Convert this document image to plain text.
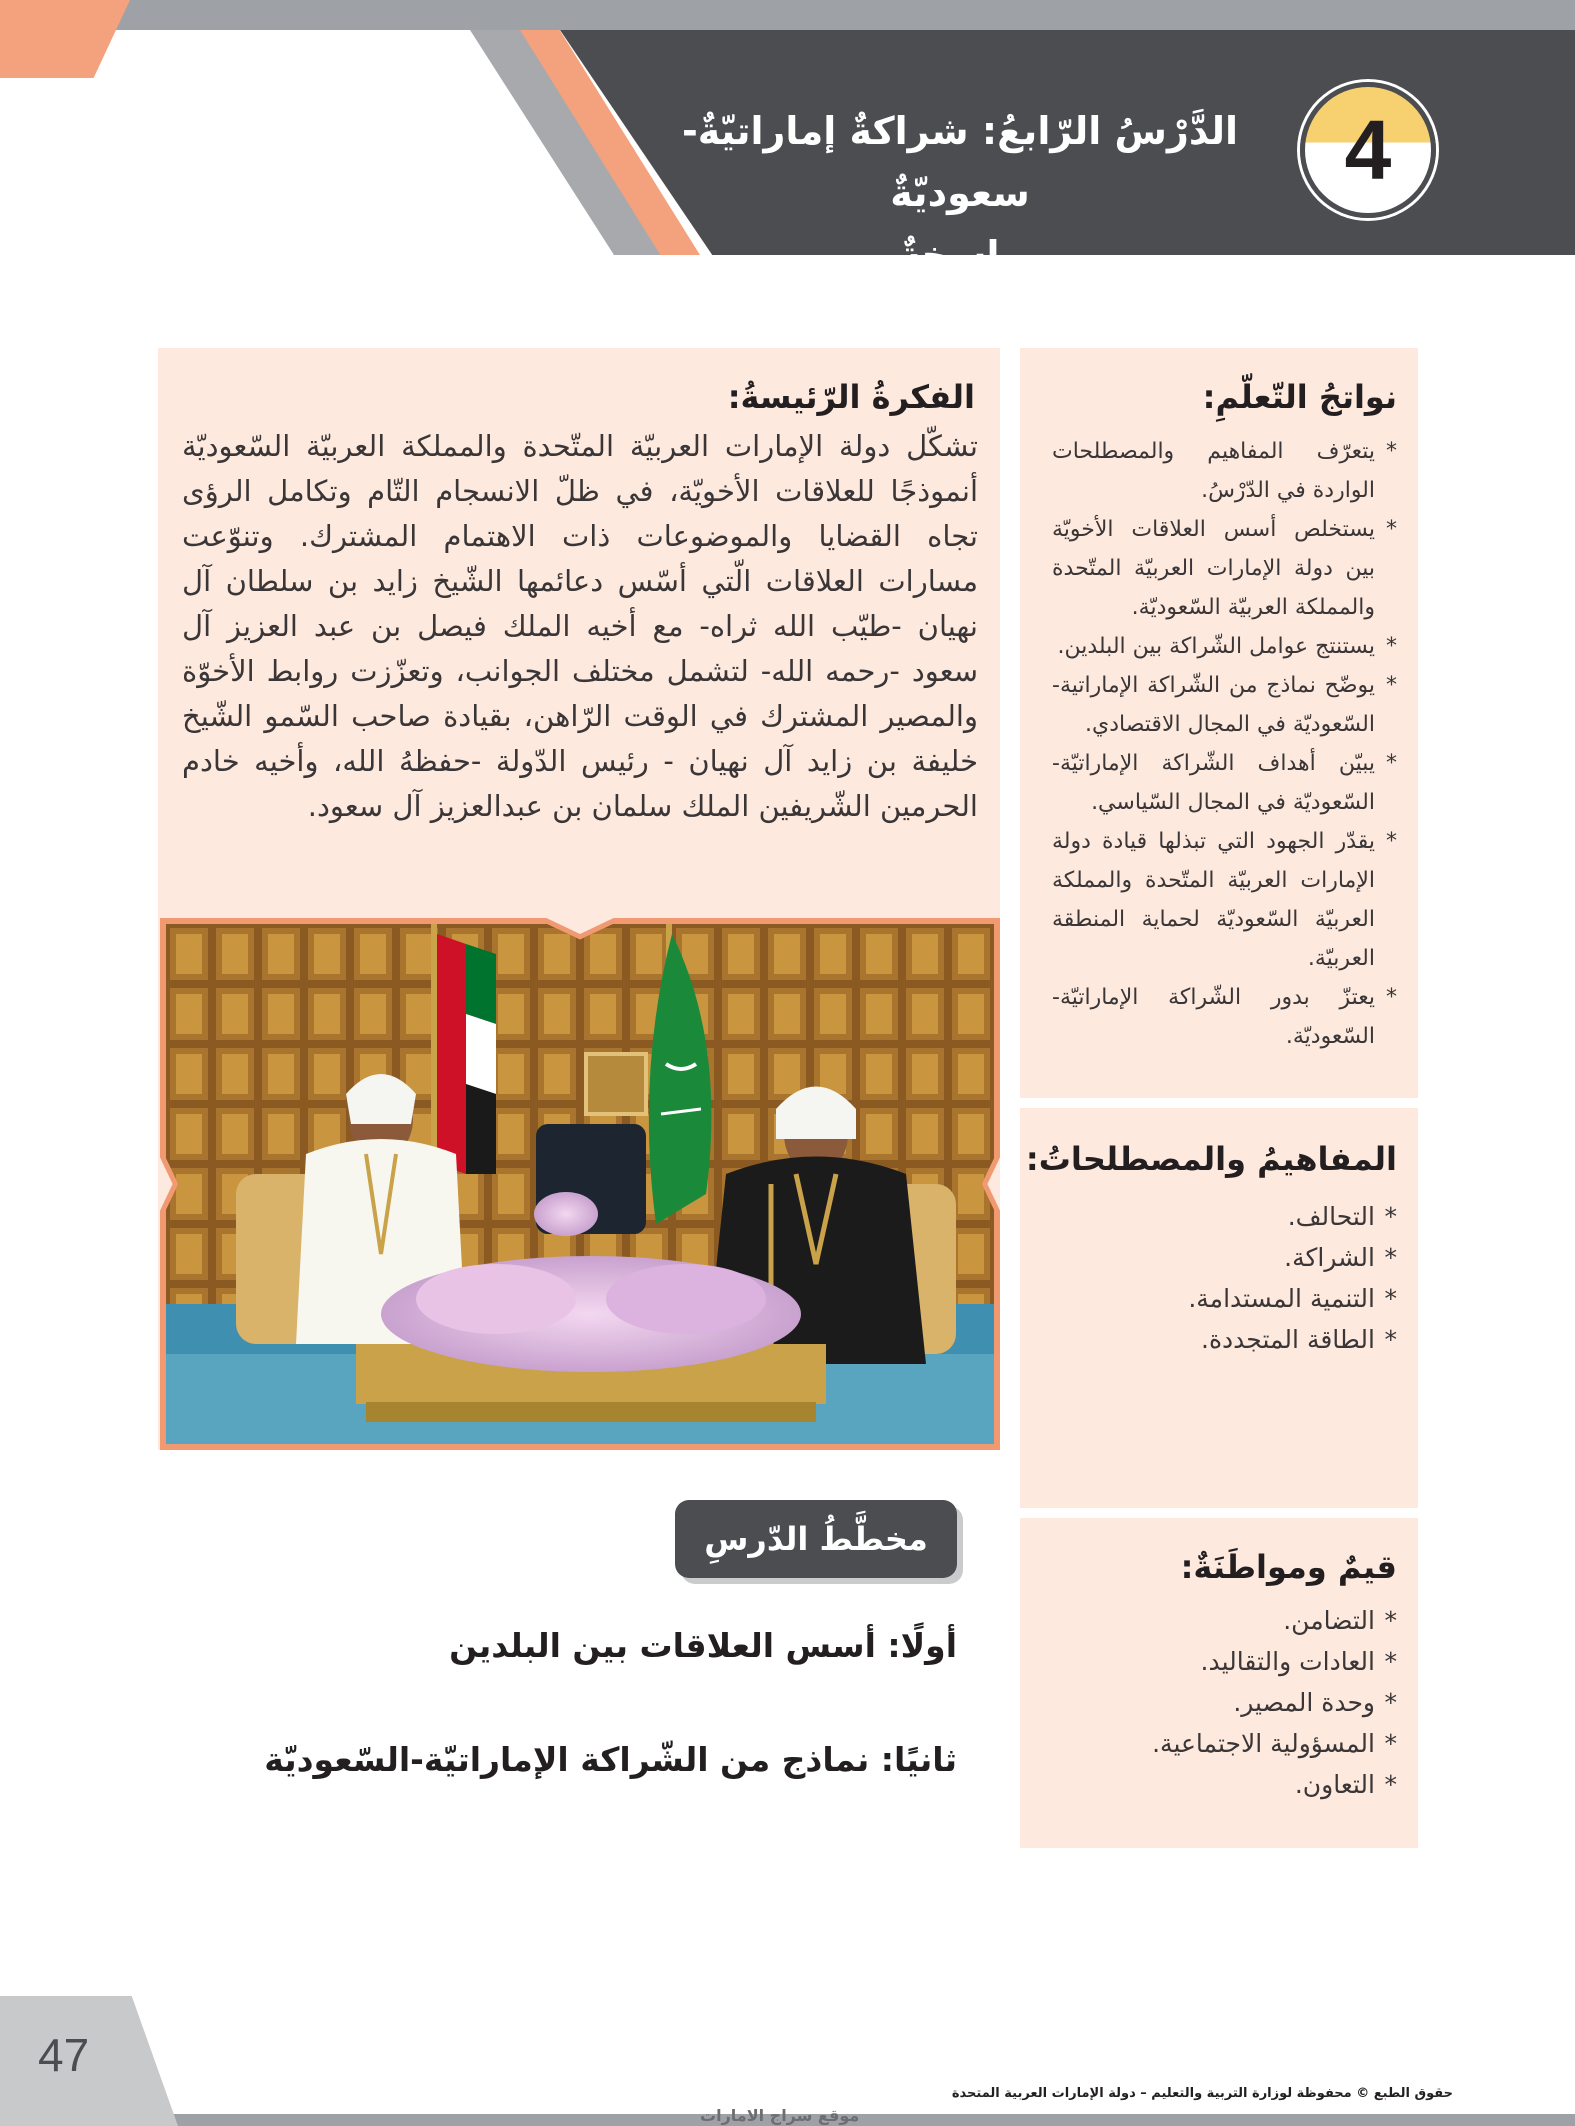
4
الدَّرْسُ الرّابعُ: شراكةٌ إماراتيّةٌ-سعوديّةٌ
راسخةٌ
الفكرةُ الرّئيسةُ:
تشكّل دولة الإمارات العربيّة المتّحدة والمملكة العربيّة السّعوديّة أنموذجًا للعلاقات الأخويّة، في ظلّ الانسجام التّام وتكامل الرؤى تجاه القضايا والموضوعات ذات الاهتمام المشترك. وتنوّعت مسارات العلاقات الّتي أسّس دعائمها الشّيخ زايد بن سلطان آل نهيان -طيّب الله ثراه- مع أخيه الملك فيصل بن عبد العزيز آل سعود -رحمه الله- لتشمل مختلف الجوانب، وتعزّزت روابط الأخوّة والمصير المشترك في الوقت الرّاهن، بقيادة صاحب السّمو الشّيخ خليفة بن زايد آل نهيان - رئيس الدّولة -حفظهُ الله، وأخيه خادم الحرمين الشّريفين الملك سلمان بن عبدالعزيز آل سعود.
نواتجُ التّعلّمِ:
* يتعرّف المفاهيم والمصطلحات الواردة في الدّرْسُ.
* يستخلص أسس العلاقات الأخويّة بين دولة الإمارات العربيّة المتّحدة والمملكة العربيّة السّعوديّة.
* يستنتج عوامل الشّراكة بين البلدين.
* يوضّح نماذج من الشّراكة الإماراتية-السّعوديّة في المجال الاقتصادي.
* يبيّن أهداف الشّراكة الإماراتيّة-السّعوديّة في المجال السّياسي.
* يقدّر الجهود التي تبذلها قيادة دولة الإمارات العربيّة المتّحدة والمملكة العربيّة السّعوديّة لحماية المنطقة العربيّة.
* يعتزّ بدور الشّراكة الإماراتيّة-السّعوديّة.
المفاهيمُ والمصطلحاتُ:
* التحالف.
* الشراكة.
* التنمية المستدامة.
* الطاقة المتجددة.
قيمٌ ومواطَنَةٌ:
* التضامن.
* العادات والتقاليد.
* وحدة المصير.
* المسؤولية الاجتماعية.
* التعاون.
مخطَّطُ الدّرسِ
أولًا: أسس العلاقات بين البلدين
ثانيًا: نماذج من الشّراكة الإماراتيّة-السّعوديّة
47
حقوق الطبع © محفوظة لوزارة التربية والتعليم – دولة الإمارات العربية المتحدة
موقع سراج الامارات
